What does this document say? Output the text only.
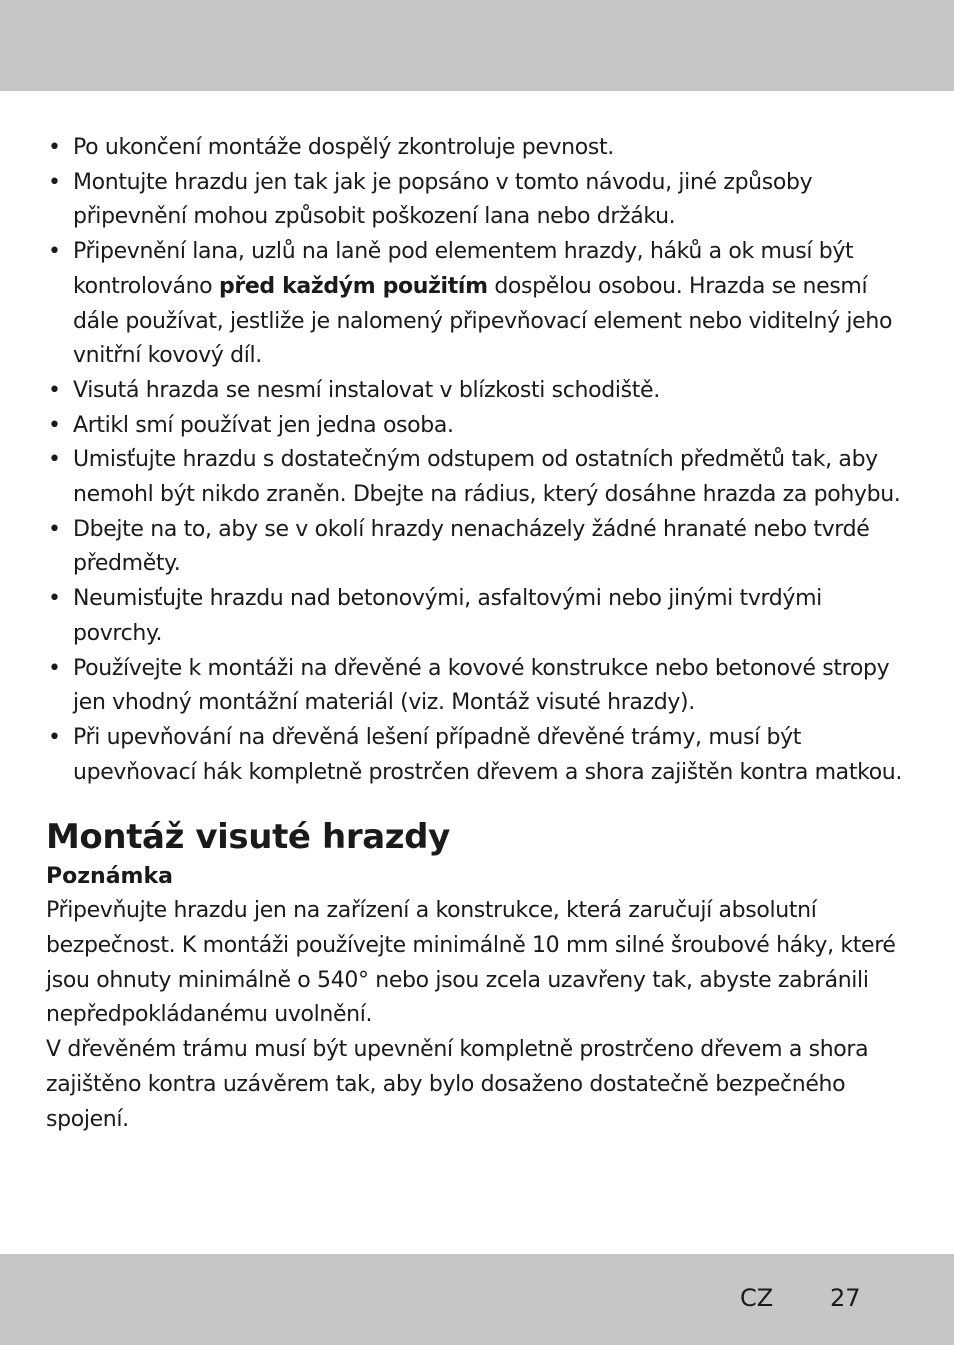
• Po ukončení montáže dospělý zkontroluje pevnost.
• Montujte hrazdu jen tak jak je popsáno v tomto návodu, jiné způsoby připevnění mohou způsobit poškození lana nebo držáku.
• Připevnění lana, uzlů na laně pod elementem hrazdy, háků a ok musí být kontrolováno před každým použitím dospělou osobou. Hrazda se nesmí dále používat, jestliže je nalomený připevňovací element nebo viditelný jeho vnitřní kovový díl.
• Visutá hrazda se nesmí instalovat v blízkosti schodiště.
• Artikl smí používat jen jedna osoba.
• Umisťujte hrazdu s dostatečným odstupem od ostatních předmětů tak, aby nemohl být nikdo zraněn. Dbejte na rádius, který dosáhne hrazda za pohybu.
• Dbejte na to, aby se v okolí hrazdy nenacházely žádné hranaté nebo tvrdé předměty.
• Neumisťujte hrazdu nad betonovými, asfaltovými nebo jinými tvrdými povrchy.
• Používejte k montáži na dřevěné a kovové konstrukce nebo betonové stropy jen vhodný montážní materiál (viz. Montáž visuté hrazdy).
• Při upevňování na dřevěná lešení případně dřevěné trámy, musí být upevňovací hák kompletně prostrčen dřevem a shora zajištěn kontra matkou.
Montáž visuté hrazdy
Poznámka

Připevňujte hrazdu jen na zařízení a konstrukce, která zaručují absolutní bezpečnost. K montáži používejte minimálně 10 mm silné šroubové háky, které jsou ohnuty minimálně o 540° nebo jsou zcela uzavřeny tak, abyste zabránili nepředpokládanému uvolnění.

V dřevěném trámu musí být upevnění kompletně prostrčeno dřevem a shora zajištěno kontra uzávěrem tak, aby bylo dosaženo dostatečně bezpečného spojení.

CZ 27
